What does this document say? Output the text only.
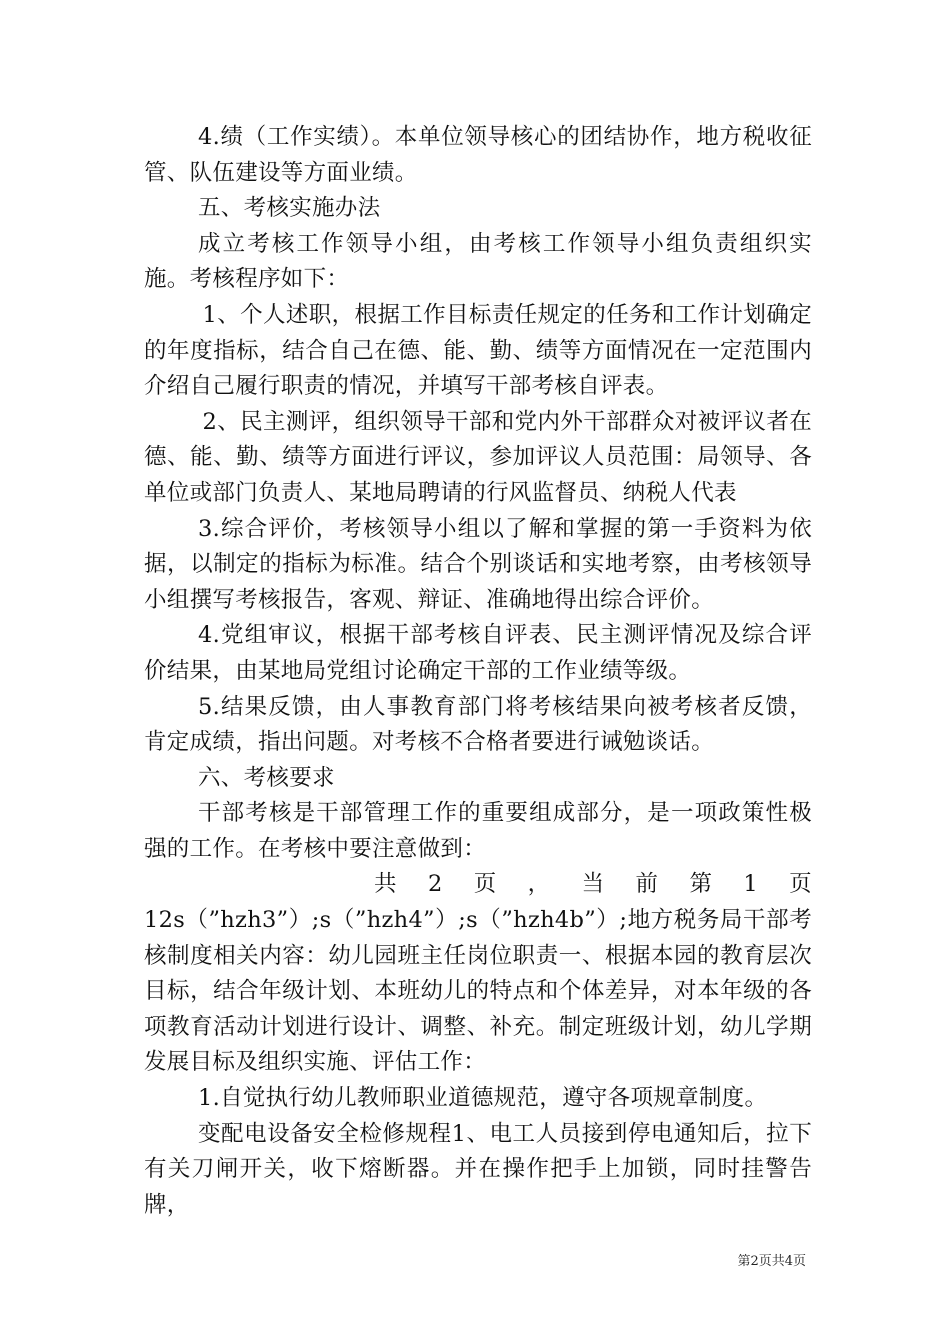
4.绩（工作实绩）。本单位领导核心的团结协作，地方税收征管、队伍建设等方面业绩。

五、考核实施办法

成立考核工作领导小组，由考核工作领导小组负责组织实施。考核程序如下：

1、个人述职，根据工作目标责任规定的任务和工作计划确定的年度指标，结合自己在德、能、勤、绩等方面情况在一定范围内介绍自己履行职责的情况，并填写干部考核自评表。

2、民主测评，组织领导干部和党内外干部群众对被评议者在德、能、勤、绩等方面进行评议，参加评议人员范围：局领导、各单位或部门负责人、某地局聘请的行风监督员、纳税人代表

3.综合评价，考核领导小组以了解和掌握的第一手资料为依据，以制定的指标为标准。结合个别谈话和实地考察，由考核领导小组撰写考核报告，客观、辩证、准确地得出综合评价。

4.党组审议，根据干部考核自评表、民主测评情况及综合评价结果，由某地局党组讨论确定干部的工作业绩等级。

5.结果反馈，由人事教育部门将考核结果向被考核者反馈，肯定成绩，指出问题。对考核不合格者要进行诫勉谈话。

六、考核要求

干部考核是干部管理工作的重要组成部分，是一项政策性极强的工作。在考核中要注意做到：

共 2 页 ， 当 前 第 1 页

12s（”hzh3”）;s（”hzh4”）;s（”hzh4b”）;地方税务局干部考核制度相关内容：幼儿园班主任岗位职责一、根据本园的教育层次目标，结合年级计划、本班幼儿的特点和个体差异，对本年级的各项教育活动计划进行设计、调整、补充。制定班级计划，幼儿学期发展目标及组织实施、评估工作：

1.自觉执行幼儿教师职业道德规范，遵守各项规章制度。

变配电设备安全检修规程1、电工人员接到停电通知后，拉下有关刀闸开关，收下熔断器。并在操作把手上加锁，同时挂警告牌，

第2页共4页
